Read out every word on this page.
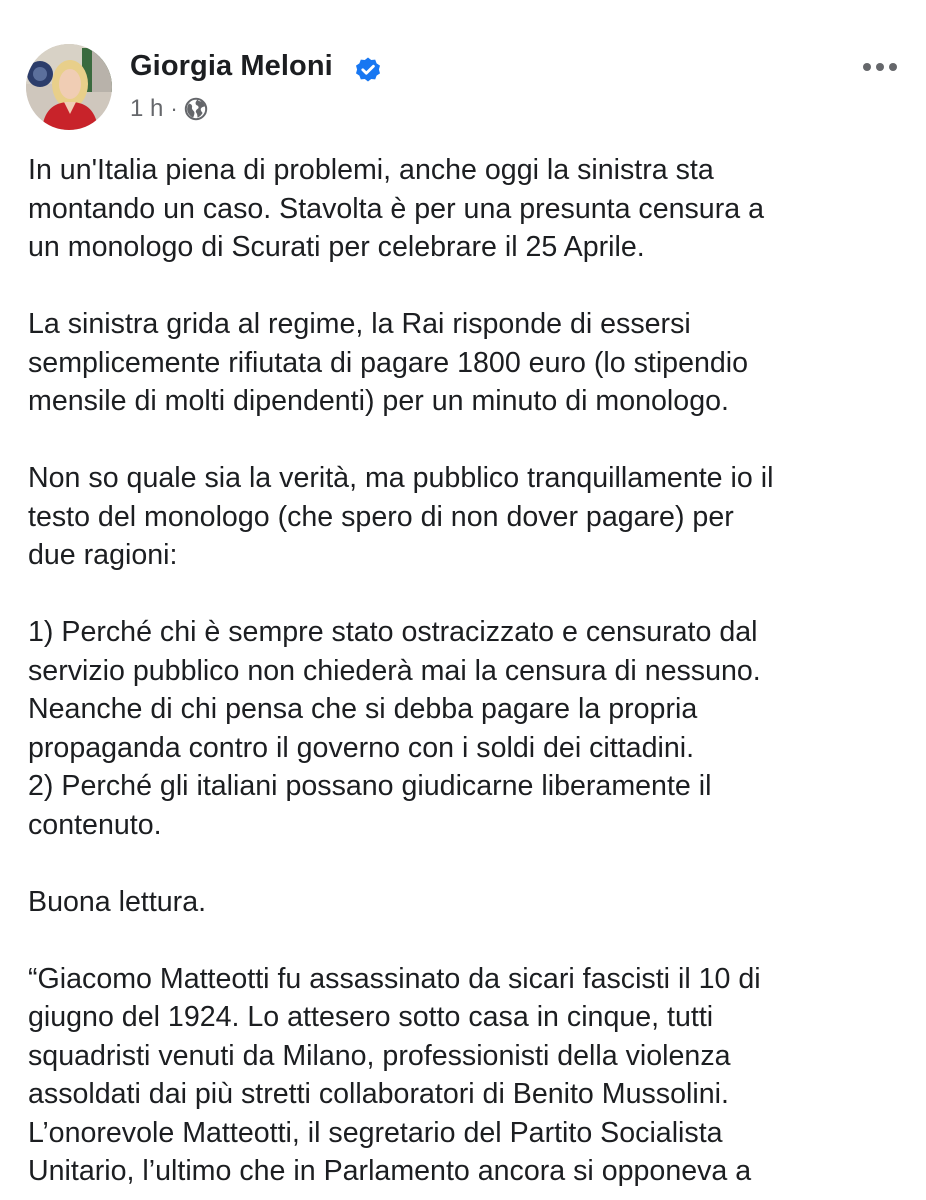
Giorgia Meloni
1 h ·

In un'Italia piena di problemi, anche oggi la sinistra sta
montando un caso. Stavolta è per una presunta censura a
un monologo di Scurati per celebrare il 25 Aprile.

La sinistra grida al regime, la Rai risponde di essersi
semplicemente rifiutata di pagare 1800 euro (lo stipendio
mensile di molti dipendenti) per un minuto di monologo.

Non so quale sia la verità, ma pubblico tranquillamente io il
testo del monologo (che spero di non dover pagare) per
due ragioni:

1) Perché chi è sempre stato ostracizzato e censurato dal
servizio pubblico non chiederà mai la censura di nessuno.
Neanche di chi pensa che si debba pagare la propria
propaganda contro il governo con i soldi dei cittadini.
2) Perché gli italiani possano giudicarne liberamente il
contenuto.

Buona lettura.

“Giacomo Matteotti fu assassinato da sicari fascisti il 10 di
giugno del 1924. Lo attesero sotto casa in cinque, tutti
squadristi venuti da Milano, professionisti della violenza
assoldati dai più stretti collaboratori di Benito Mussolini.
L’onorevole Matteotti, il segretario del Partito Socialista
Unitario, l’ultimo che in Parlamento ancora si opponeva a
